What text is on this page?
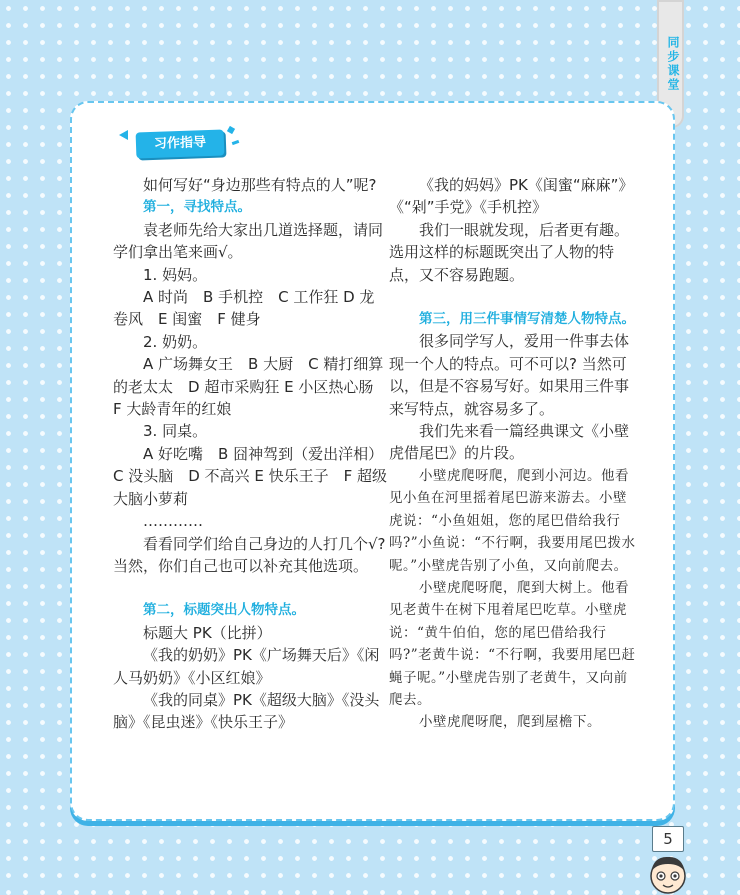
同步课堂
习作指导

如何写好“身边那些有特点的人”呢?

第一，寻找特点。

袁老师先给大家出几道选择题，请同学们拿出笔来画√。

1. 妈妈。

A 时尚　B 手机控　C 工作狂 D 龙卷风　E 闺蜜　F 健身

2. 奶奶。

A 广场舞女王　B 大厨　C 精打细算的老太太　D 超市采购狂 E 小区热心肠　F 大龄青年的红娘

3. 同桌。

A 好吃嘴　B 囧神驾到（爱出洋相）　C 没头脑　D 不高兴 E 快乐王子　F 超级大脑小萝莉

…………

看看同学们给自己身边的人打几个√? 当然，你们自己也可以补充其他选项。

第二，标题突出人物特点。

标题大 PK（比拼）

《我的奶奶》PK《广场舞天后》《闲人马奶奶》《小区红娘》

《我的同桌》PK《超级大脑》《没头脑》《昆虫迷》《快乐王子》

《我的妈妈》PK《闺蜜“麻麻”》《“剁”手党》《手机控》

我们一眼就发现，后者更有趣。选用这样的标题既突出了人物的特点，又不容易跑题。

第三，用三件事情写清楚人物特点。

很多同学写人，爱用一件事去体现一个人的特点。可不可以? 当然可以，但是不容易写好。如果用三件事来写特点，就容易多了。

我们先来看一篇经典课文《小壁虎借尾巴》的片段。

小壁虎爬呀爬，爬到小河边。他看见小鱼在河里摇着尾巴游来游去。小壁虎说：“小鱼姐姐，您的尾巴借给我行吗?”小鱼说：“不行啊，我要用尾巴拨水呢。”小壁虎告别了小鱼，又向前爬去。

小壁虎爬呀爬，爬到大树上。他看见老黄牛在树下甩着尾巴吃草。小壁虎说：“黄牛伯伯，您的尾巴借给我行吗?”老黄牛说：“不行啊，我要用尾巴赶蝇子呢。”小壁虎告别了老黄牛，又向前爬去。

小壁虎爬呀爬，爬到屋檐下。

5
